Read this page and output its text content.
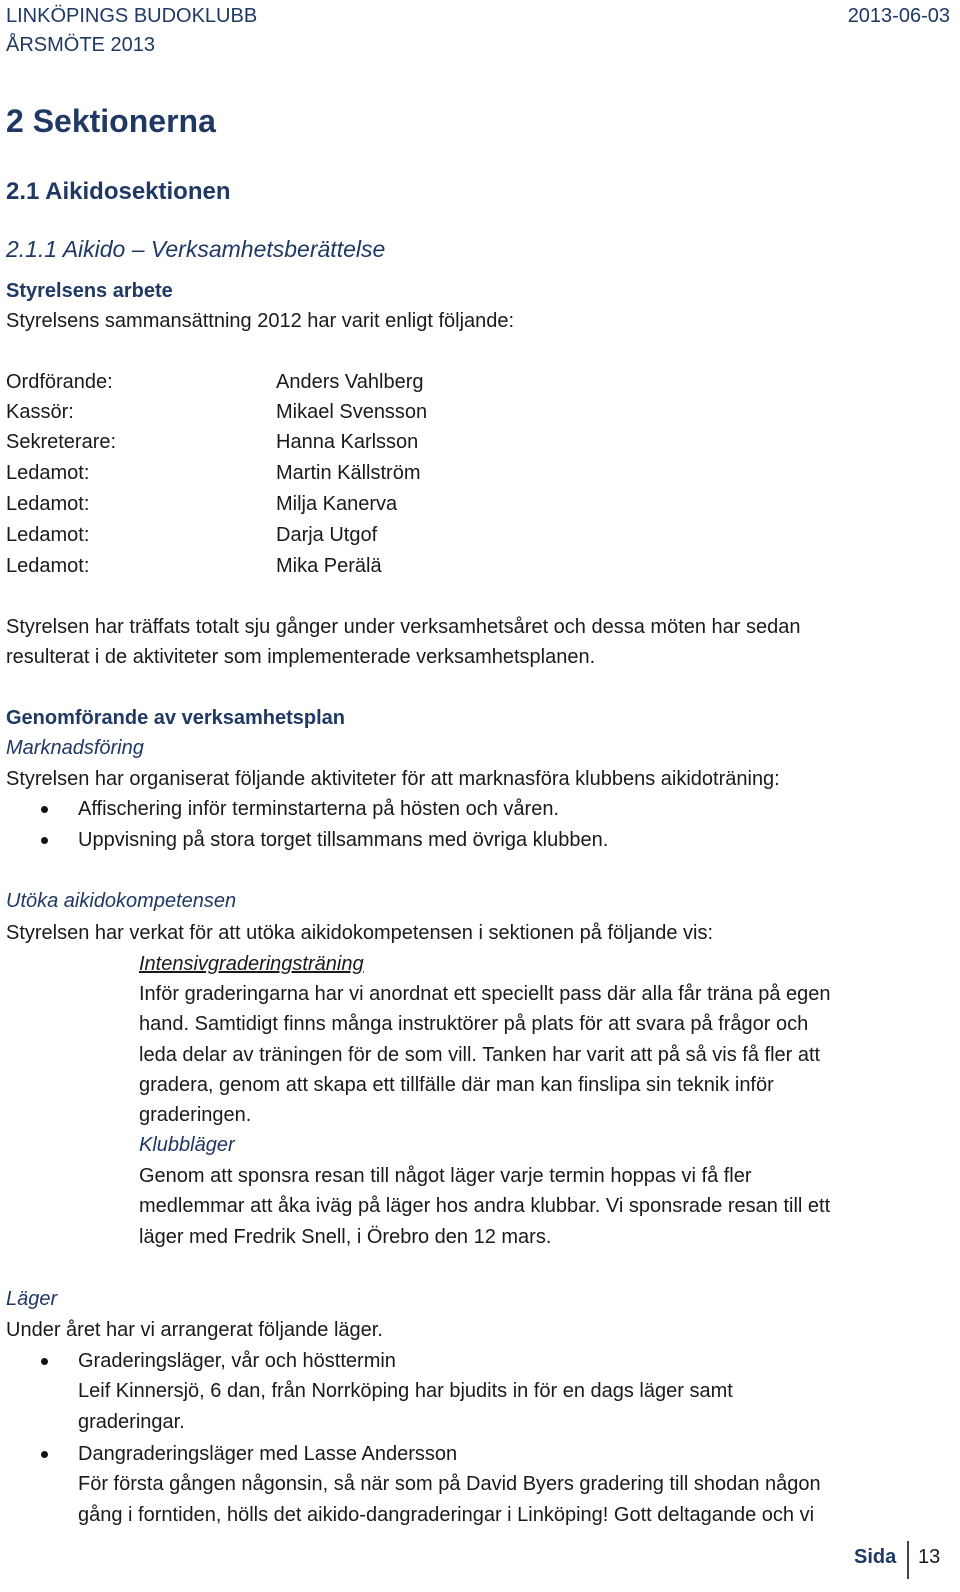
LINKÖPINGS BUDOKLUBB
ÅRSMÖTE 2013
2013-06-03
2 Sektionerna
2.1 Aikidosektionen
2.1.1 Aikido – Verksamhetsberättelse
Styrelsens arbete
Styrelsens sammansättning 2012 har varit enligt följande:
Ordförande:	Anders Vahlberg
Kassör:	Mikael Svensson
Sekreterare:	Hanna Karlsson
Ledamot:	Martin Källström
Ledamot:	Milja Kanerva
Ledamot:	Darja Utgof
Ledamot:	Mika Perälä
Styrelsen har träffats totalt sju gånger under verksamhetsåret och dessa möten har sedan
resulterat i de aktiviteter som implementerade verksamhetsplanen.
Genomförande av verksamhetsplan
Marknadsföring
Styrelsen har organiserat följande aktiviteter för att marknasföra klubbens aikidoträning:
Affischering inför terminstarterna på hösten och våren.
Uppvisning på stora torget tillsammans med övriga klubben.
Utöka aikidokompetensen
Styrelsen har verkat för att utöka aikidokompetensen i sektionen på följande vis:
Intensivgraderingsträning
Inför graderingarna har vi anordnat ett speciellt pass där alla får träna på egen
hand. Samtidigt finns många instruktörer på plats för att svara på frågor och
leda delar av träningen för de som vill. Tanken har varit att på så vis få fler att
gradera, genom att skapa ett tillfälle där man kan finslipa sin teknik inför
graderingen.
Klubbläger
Genom att sponsra resan till något läger varje termin hoppas vi få fler
medlemmar att åka iväg på läger hos andra klubbar. Vi sponsrade resan till ett
läger med Fredrik Snell, i Örebro den 12 mars.
Läger
Under året har vi arrangerat följande läger.
Graderingsläger, vår och hösttermin
Leif Kinnersjö, 6 dan, från Norrköping har bjudits in för en dags läger samt
graderingar.
Dangraderingsläger med Lasse Andersson
För första gången någonsin, så när som på David Byers gradering till shodan någon
gång i forntiden, hölls det aikido-dangraderingar i Linköping! Gott deltagande och vi
Sida 13
